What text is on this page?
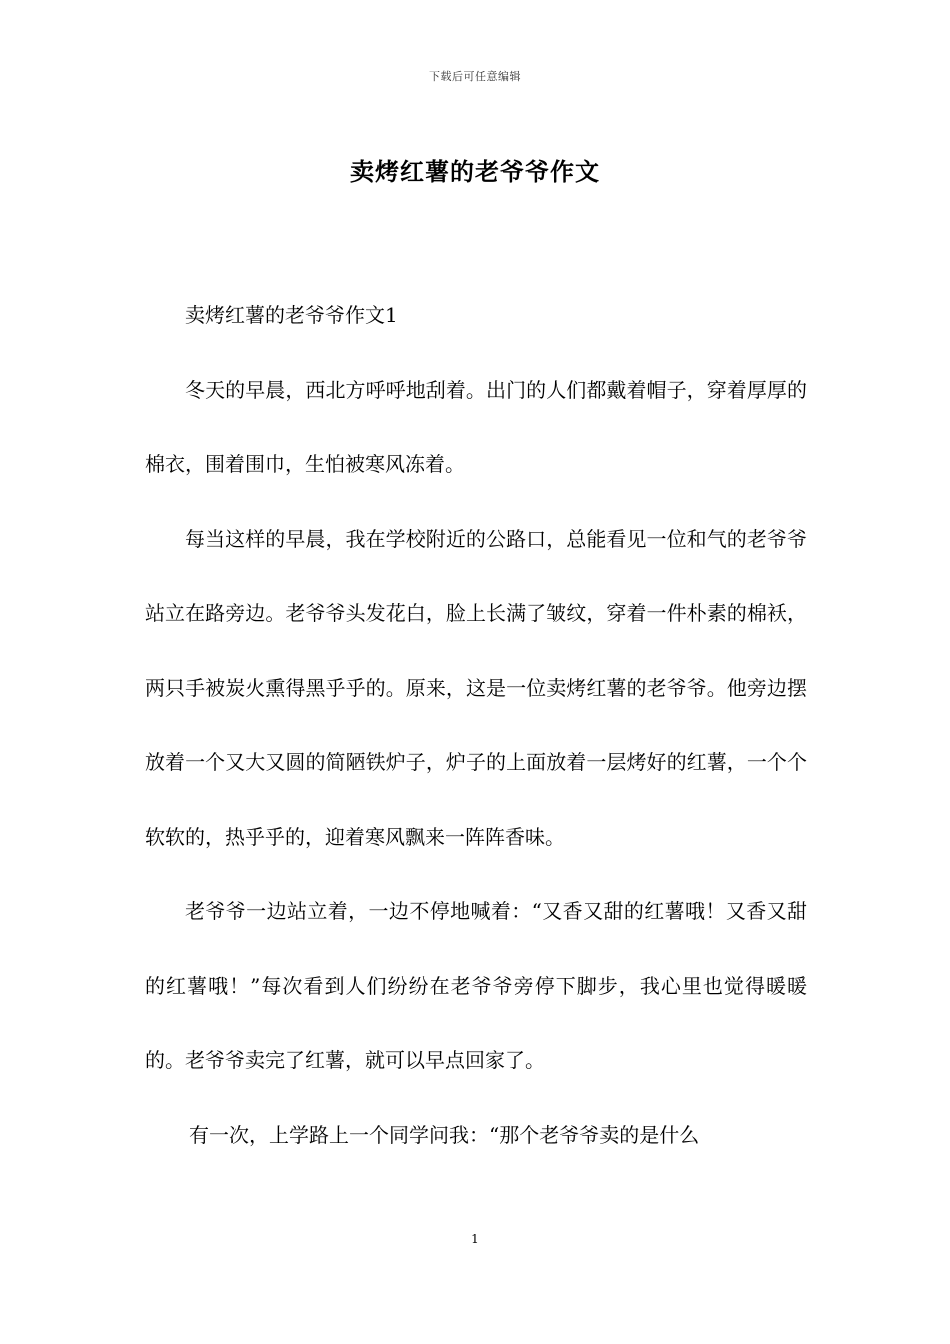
下载后可任意编辑
卖烤红薯的老爷爷作文

卖烤红薯的老爷爷作文1

冬天的早晨，西北方呼呼地刮着。出门的人们都戴着帽子，穿着厚厚的棉衣，围着围巾，生怕被寒风冻着。

每当这样的早晨，我在学校附近的公路口，总能看见一位和气的老爷爷站立在路旁边。老爷爷头发花白，脸上长满了皱纹，穿着一件朴素的棉袄，两只手被炭火熏得黑乎乎的。原来，这是一位卖烤红薯的老爷爷。他旁边摆放着一个又大又圆的简陋铁炉子，炉子的上面放着一层烤好的红薯，一个个软软的，热乎乎的，迎着寒风飘来一阵阵香味。

老爷爷一边站立着，一边不停地喊着：“又香又甜的红薯哦！又香又甜的红薯哦！”每次看到人们纷纷在老爷爷旁停下脚步，我心里也觉得暖暖的。老爷爷卖完了红薯，就可以早点回家了。

有一次，上学路上一个同学问我：“那个老爷爷卖的是什么

1
